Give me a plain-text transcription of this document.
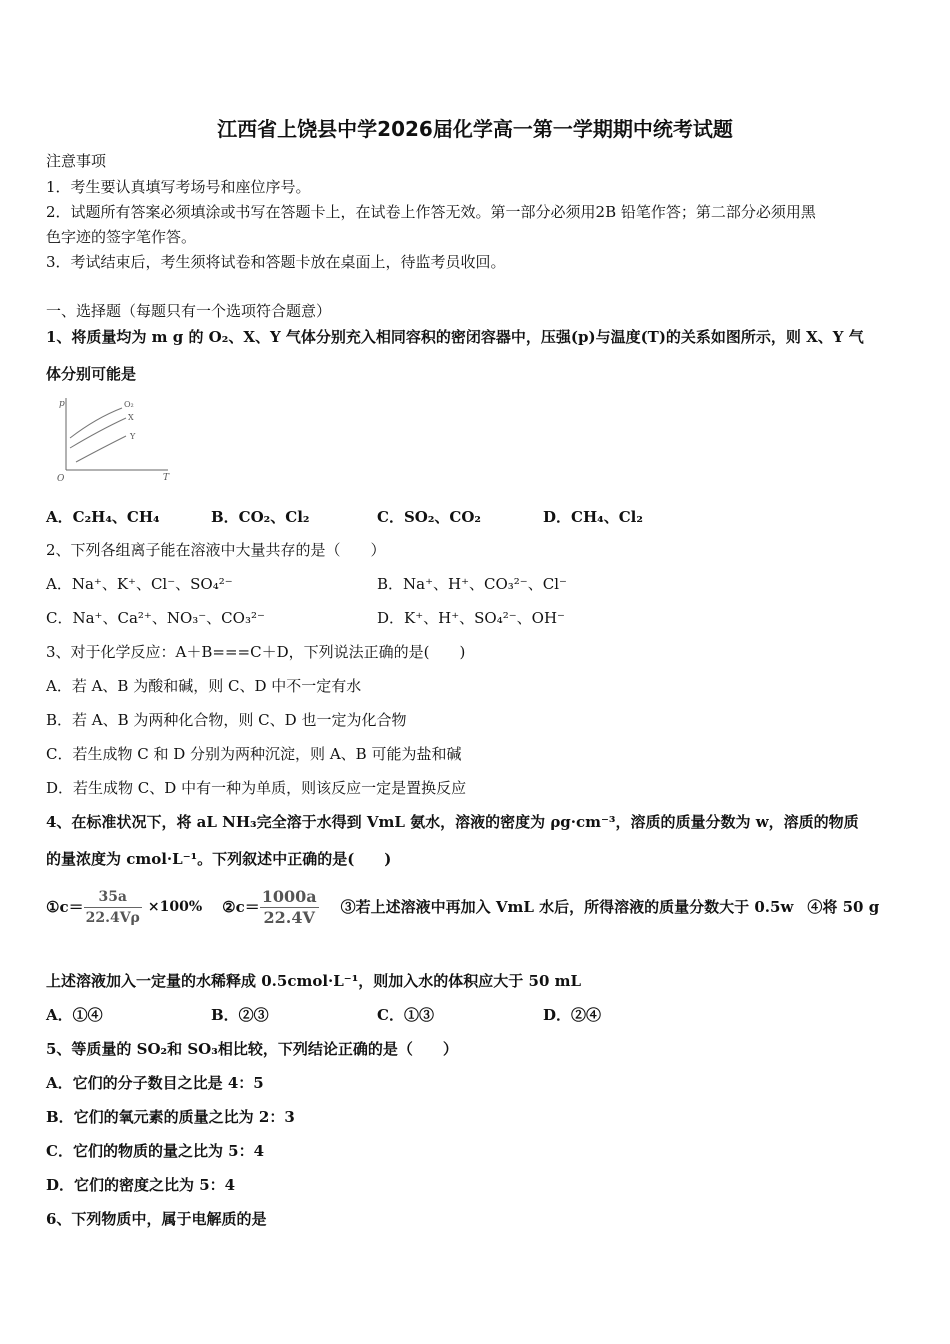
江西省上饶县中学2026届化学高一第一学期期中统考试题
注意事项
1．考生要认真填写考场号和座位序号。
2．试题所有答案必须填涂或书写在答题卡上，在试卷上作答无效。第一部分必须用2B 铅笔作答；第二部分必须用黑
色字迹的签字笔作答。
3．考试结束后，考生须将试卷和答题卡放在桌面上，待监考员收回。
一、选择题（每题只有一个选项符合题意）
1、将质量均为 m g 的 O₂、X、Y 气体分别充入相同容积的密闭容器中，压强(p)与温度(T)的关系如图所示，则 X、Y 气
体分别可能是
p
T
O
O₂
X
Y
A．C₂H₄、CH₄	B．CO₂、Cl₂	C．SO₂、CO₂	D．CH₄、Cl₂
2、下列各组离子能在溶液中大量共存的是（　　）
A．Na⁺、K⁺、Cl⁻、SO₄²⁻	B．Na⁺、H⁺、CO₃²⁻、Cl⁻
C．Na⁺、Ca²⁺、NO₃⁻、CO₃²⁻	D．K⁺、H⁺、SO₄²⁻、OH⁻
3、对于化学反应：A＋B===C＋D，下列说法正确的是(　　)
A．若 A、B 为酸和碱，则 C、D 中不一定有水
B．若 A、B 为两种化合物，则 C、D 也一定为化合物
C．若生成物 C 和 D 分别为两种沉淀，则 A、B 可能为盐和碱
D．若生成物 C、D 中有一种为单质，则该反应一定是置换反应
4、在标准状况下，将 aL NH₃完全溶于水得到 VmL 氨水，溶液的密度为 ρg·cm⁻³，溶质的质量分数为 w，溶质的物质
的量浓度为 cmol·L⁻¹。下列叙述中正确的是(　　)
①c＝ $\frac{35a}{22.4V\rho} \times 100\%$ ②c＝ $\frac{1000a}{22.4V}$ ③若上述溶液中再加入 VmL 水后，所得溶液的质量分数大于 0.5w ④将 50 g
上述溶液加入一定量的水稀释成 0.5cmol·L⁻¹，则加入水的体积应大于 50 mL
A．①④	B．②③	C．①③	D．②④
5、等质量的 SO₂和 SO₃相比较，下列结论正确的是（　　）
A．它们的分子数目之比是 4：5
B．它们的氧元素的质量之比为 2：3
C．它们的物质的量之比为 5：4
D．它们的密度之比为 5：4
6、下列物质中，属于电解质的是
